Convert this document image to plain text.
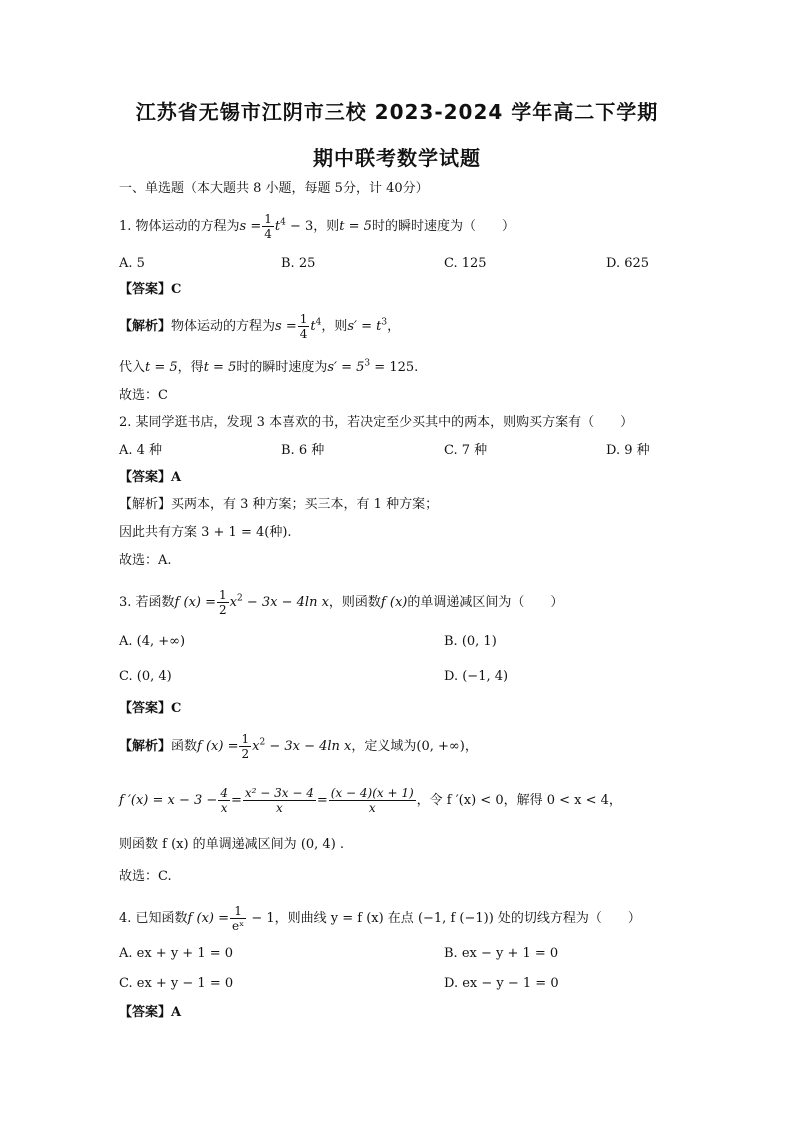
江苏省无锡市江阴市三校 2023-2024 学年高二下学期
期中联考数学试题
一、单选题（本大题共 8 小题，每题 5分，计 40分）
1. 物体运动的方程为$s = \frac{1}{4} t^4 - 3$，则t = 5时的瞬时速度为（　　）
A. 5	B. 25	C. 125	D. 625
【答案】C
【解析】物体运动的方程为$s = \frac{1}{4} t^4$，则$s' = t^3$，
代入t = 5，得t = 5时的瞬时速度为$s' = 5^3 = 125$.
故选：C
2. 某同学逛书店，发现 3 本喜欢的书，若决定至少买其中的两本，则购买方案有（　　）
A. 4 种	B. 6 种	C. 7 种	D. 9 种
【答案】A
【解析】买两本，有 3 种方案；买三本，有 1 种方案；
因此共有方案 3 + 1 = 4(种).
故选：A.
3. 若函数f $(x) = \frac{1}{2} x^2 - 3x - 4\ln$ x，则函数f (x)的单调递减区间为（　　）
A. (4, +∞)	B. (0, 1)
C. (0, 4)	D. (−1, 4)
【答案】C
【解析】函数f $(x) = \frac{1}{2} x^2 - 3x - 4\ln$ x，定义域为(0, +∞)，
f $'(x) = x - 3 - \frac{4}{x} = \frac{\text{x² − 3x − 4}}{x} = \frac{(x - 4)(x + 1)}{x}$ ，令 f ′(x) < 0，解得 0 < x < 4，
则函数 f (x) 的单调递减区间为 (0, 4) .
故选：C.
4. 已知函数f $(x) = \frac{1}{\text{eˣ}} - 1$，则曲线 y = f (x) 在点 (−1, f (−1)) 处的切线方程为（　　）
A. ex + y + 1 = 0	B. ex − y + 1 = 0
C. ex + y − 1 = 0	D. ex − y − 1 = 0
【答案】A
